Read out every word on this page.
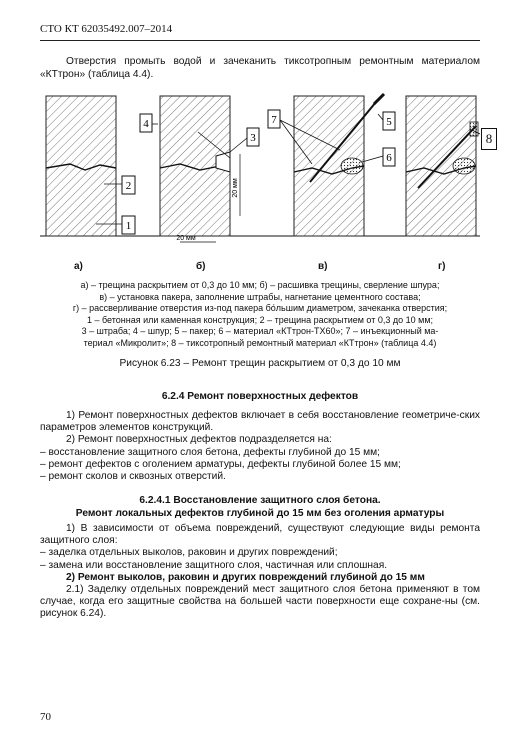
СТО КТ 62035492.007–2014

Отверстия промыть водой и зачеканить тиксотропным ремонтным материалом «КТтрон» (таблица 4.4).

2
1
4
3
20 мм
20 мм
7	5
6
8
а)	б)	в)	г)
а) – трещина раскрытием от 0,3 до 10 мм; б) – расшивка трещины, сверление шпура;
в) – установка пакера, заполнение штрабы, нагнетание цементного состава;
г) – рассверливание отверстия из-под пакера бо́льшим диаметром, зачеканка отверстия;
1 – бетонная или каменная конструкция; 2 – трещина раскрытием от 0,3 до 10 мм;
3 – штраба; 4 – шпур; 5 – пакер; 6 – материал «КТтрон-ТХ60»; 7 – инъекционный ма-
териал «Микролит»; 8 – тиксотропный ремонтный материал «КТтрон» (таблица 4.4)
Рисунок 6.23 – Ремонт трещин раскрытием от 0,3 до 10 мм
6.2.4 Ремонт поверхностных дефектов

1) Ремонт поверхностных дефектов включает в себя восстановление геометриче-ских параметров элементов конструкций.

2) Ремонт поверхностных дефектов подразделяется на:

– восстановление защитного слоя бетона, дефекты глубиной до 15 мм;

– ремонт дефектов с оголением арматуры, дефекты глубиной более 15 мм;

– ремонт сколов и сквозных отверстий.

6.2.4.1 Восстановление защитного слоя бетона.
Ремонт локальных дефектов глубиной до 15 мм без оголения арматуры

1) В зависимости от объема повреждений, существуют следующие виды ремонта защитного слоя:

– заделка отдельных выколов, раковин и других повреждений;

– замена или восстановление защитного слоя, частичная или сплошная.

2) Ремонт выколов, раковин и других повреждений глубиной до 15 мм

2.1) Заделку отдельных повреждений мест защитного слоя бетона применяют в том случае, когда его защитные свойства на большей части поверхности еще сохране-ны (см. рисунок 6.24).

70
